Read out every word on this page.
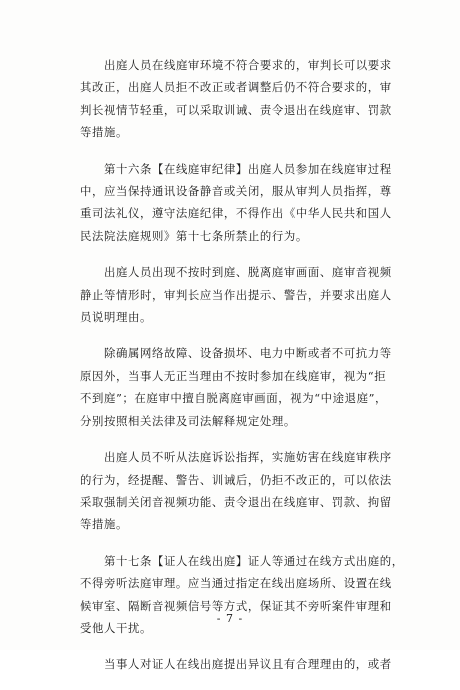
出庭人员在线庭审环境不符合要求的，审判长可以要求
其改正，出庭人员拒不改正或者调整后仍不符合要求的，审
判长视情节轻重，可以采取训诫、责令退出在线庭审、罚款
等措施。

第十六条【在线庭审纪律】出庭人员参加在线庭审过程
中，应当保持通讯设备静音或关闭，服从审判人员指挥，尊
重司法礼仪，遵守法庭纪律，不得作出《中华人民共和国人
民法院法庭规则》第十七条所禁止的行为。

出庭人员出现不按时到庭、脱离庭审画面、庭审音视频
静止等情形时，审判长应当作出提示、警告，并要求出庭人
员说明理由。

除确属网络故障、设备损坏、电力中断或者不可抗力等
原因外，当事人无正当理由不按时参加在线庭审，视为“拒
不到庭”；在庭审中擅自脱离庭审画面，视为“中途退庭”，
分别按照相关法律及司法解释规定处理。

出庭人员不听从法庭诉讼指挥，实施妨害在线庭审秩序
的行为，经提醒、警告、训诫后，仍拒不改正的，可以依法
采取强制关闭音视频功能、责令退出在线庭审、罚款、拘留
等措施。

第十七条【证人在线出庭】证人等通过在线方式出庭的，
不得旁听法庭审理。应当通过指定在线出庭场所、设置在线
候审室、隔断音视频信号等方式，保证其不旁听案件审理和
受他人干扰。

当事人对证人在线出庭提出异议且有合理理由的，或者

- 7 -
